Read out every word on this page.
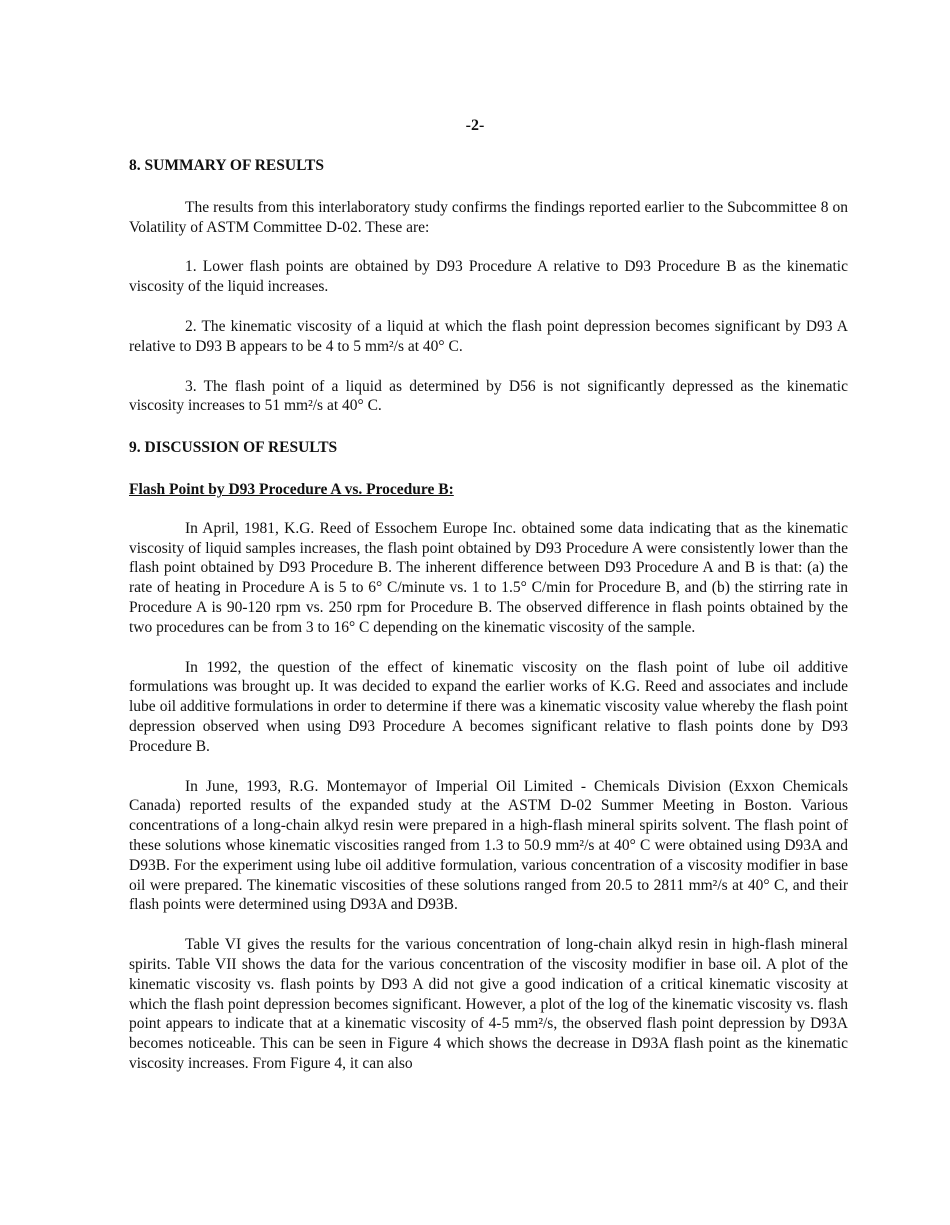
-2-
8. SUMMARY OF RESULTS

The results from this interlaboratory study confirms the findings reported earlier to the Subcommittee 8 on Volatility of ASTM Committee D-02. These are:

1. Lower flash points are obtained by D93 Procedure A relative to D93 Procedure B as the kinematic viscosity of the liquid increases.

2. The kinematic viscosity of a liquid at which the flash point depression becomes significant by D93 A relative to D93 B appears to be 4 to 5 mm²/s at 40° C.

3. The flash point of a liquid as determined by D56 is not significantly depressed as the kinematic viscosity increases to 51 mm²/s at 40° C.

9. DISCUSSION OF RESULTS
Flash Point by D93 Procedure A vs. Procedure B:

In April, 1981, K.G. Reed of Essochem Europe Inc. obtained some data indicating that as the kinematic viscosity of liquid samples increases, the flash point obtained by D93 Procedure A were consistently lower than the flash point obtained by D93 Procedure B. The inherent difference between D93 Procedure A and B is that: (a) the rate of heating in Procedure A is 5 to 6° C/minute vs. 1 to 1.5° C/min for Procedure B, and (b) the stirring rate in Procedure A is 90-120 rpm vs. 250 rpm for Procedure B. The observed difference in flash points obtained by the two procedures can be from 3 to 16° C depending on the kinematic viscosity of the sample.

In 1992, the question of the effect of kinematic viscosity on the flash point of lube oil additive formulations was brought up. It was decided to expand the earlier works of K.G. Reed and associates and include lube oil additive formulations in order to determine if there was a kinematic viscosity value whereby the flash point depression observed when using D93 Procedure A becomes significant relative to flash points done by D93 Procedure B.

In June, 1993, R.G. Montemayor of Imperial Oil Limited - Chemicals Division (Exxon Chemicals Canada) reported results of the expanded study at the ASTM D-02 Summer Meeting in Boston. Various concentrations of a long-chain alkyd resin were prepared in a high-flash mineral spirits solvent. The flash point of these solutions whose kinematic viscosities ranged from 1.3 to 50.9 mm²/s at 40° C were obtained using D93A and D93B. For the experiment using lube oil additive formulation, various concentration of a viscosity modifier in base oil were prepared. The kinematic viscosities of these solutions ranged from 20.5 to 2811 mm²/s at 40° C, and their flash points were determined using D93A and D93B.

Table VI gives the results for the various concentration of long-chain alkyd resin in high-flash mineral spirits. Table VII shows the data for the various concentration of the viscosity modifier in base oil. A plot of the kinematic viscosity vs. flash points by D93 A did not give a good indication of a critical kinematic viscosity at which the flash point depression becomes significant. However, a plot of the log of the kinematic viscosity vs. flash point appears to indicate that at a kinematic viscosity of 4-5 mm²/s, the observed flash point depression by D93A becomes noticeable. This can be seen in Figure 4 which shows the decrease in D93A flash point as the kinematic viscosity increases. From Figure 4, it can also
